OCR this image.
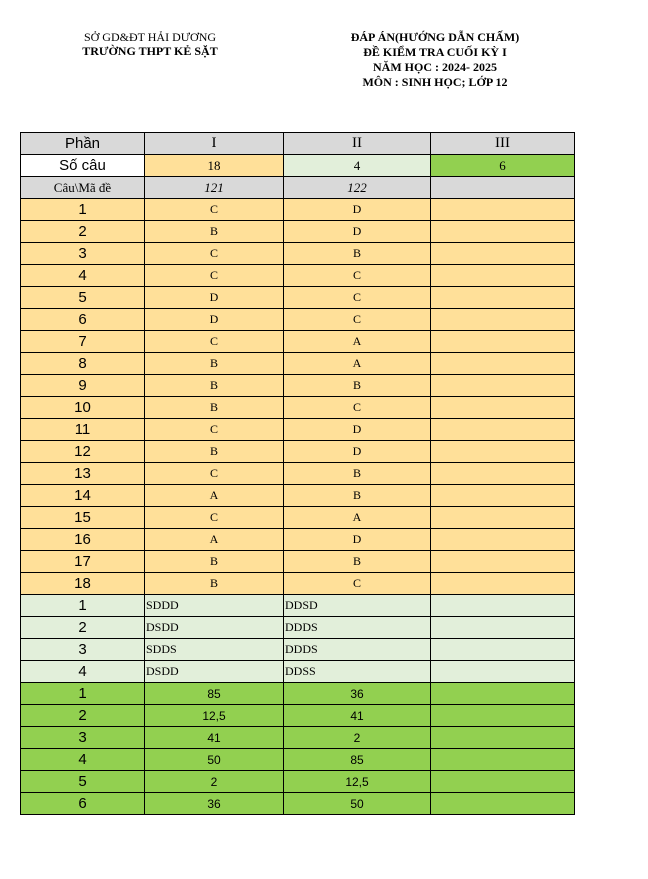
SỞ GD&ĐT HẢI DƯƠNG
TRƯỜNG THPT KẺ SẶT
ĐÁP ÁN(HƯỚNG DẪN CHẤM)
ĐỀ KIỂM TRA CUỐI KỲ I
NĂM HỌC : 2024- 2025
MÔN : SINH HỌC; LỚP 12
Phần	I	II	III
Số câu	18	4	6
Câu\Mã đề	121	122	
1	C	D	
2	B	D	
3	C	B	
4	C	C	
5	D	C	
6	D	C	
7	C	A	
8	B	A	
9	B	B	
10	B	C	
11	C	D	
12	B	D	
13	C	B	
14	A	B	
15	C	A	
16	A	D	
17	B	B	
18	B	C	
1	SDDD	DDSD	
2	DSDD	DDDS	
3	SDDS	DDDS	
4	DSDD	DDSS	
1	85	36	
2	12,5	41	
3	41	2	
4	50	85	
5	2	12,5	
6	36	50	
